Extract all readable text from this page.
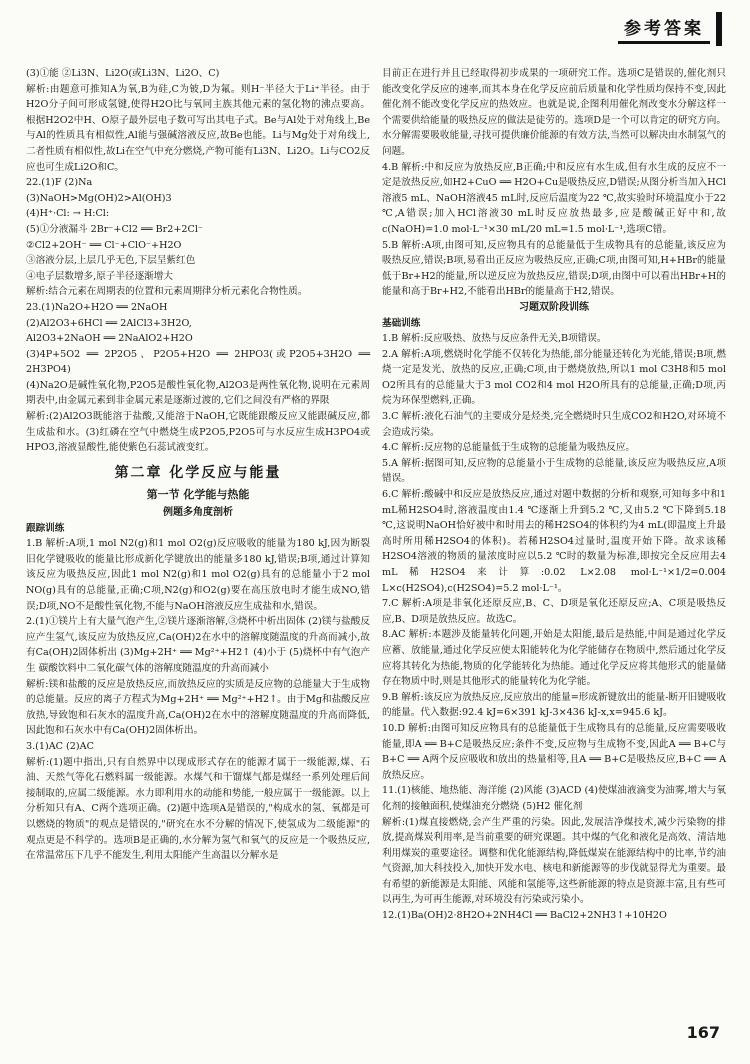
参考答案

(3)①能 ②Li3N、Li2O(或Li3N、Li2O、C)

解析:由题意可推知A为氧,B为硅,C为铍,D为氟。则H⁻半径大于Li⁺半径。由于H2O分子间可形成氢键,使得H2O比与氧同主族其他元素的氢化物的沸点要高。根据H2O2中H、O原子最外层电子数可写出其电子式。Be与Al处于对角线上,Be与Al的性质具有相似性,Al能与强碱溶液反应,故Be也能。Li与Mg处于对角线上,二者性质有相似性,故Li在空气中充分燃烧,产物可能有Li3N、Li2O。Li与CO2反应也可生成Li2O和C。

22.(1)F (2)Na

(3)NaOH>Mg(OH)2>Al(OH)3

(4)H⁺·Cl: → H:Cl:

(5)①分液漏斗 2Br⁻+Cl2 ══ Br2+2Cl⁻

②Cl2+2OH⁻ ══ Cl⁻+ClO⁻+H2O

③溶液分层,上层几乎无色,下层呈紫红色

④电子层数增多,原子半径逐渐增大

解析:结合元素在周期表的位置和元素周期律分析元素化合物性质。

23.(1)Na2O+H2O ══ 2NaOH

(2)Al2O3+6HCl ══ 2AlCl3+3H2O,

Al2O3+2NaOH ══ 2NaAlO2+H2O

(3)4P+5O2 ══ 2P2O5、P2O5+H2O ══ 2HPO3(或P2O5+3H2O ══ 2H3PO4)

(4)Na2O是碱性氧化物,P2O5是酸性氧化物,Al2O3是两性氧化物,说明在元素周期表中,由金属元素到非金属元素是逐渐过渡的,它们之间没有严格的界限

解析:(2)Al2O3既能溶于盐酸,又能溶于NaOH,它既能跟酸反应又能跟碱反应,都生成盐和水。(3)红磷在空气中燃烧生成P2O5,P2O5可与水反应生成H3PO4或HPO3,溶液显酸性,能使紫色石蕊试液变红。

第二章 化学反应与能量

第一节 化学能与热能

例题多角度剖析

跟踪训练

1.B 解析:A项,1 mol N2(g)和1 mol O2(g)反应吸收的能量为180 kJ,因为断裂旧化学键吸收的能量比形成新化学键放出的能量多180 kJ,错误;B项,通过计算知该反应为吸热反应,因此1 mol N2(g)和1 mol O2(g)具有的总能量小于2 mol NO(g)具有的总能量,正确;C项,N2(g)和O2(g)要在高压放电时才能生成NO,错误;D项,NO不是酸性氧化物,不能与NaOH溶液反应生成盐和水,错误。

2.(1)①镁片上有大量气泡产生,②镁片逐渐溶解,③烧杯中析出固体 (2)镁与盐酸反应产生氢气,该反应为放热反应,Ca(OH)2在水中的溶解度随温度的升高而减小,故有Ca(OH)2固体析出 (3)Mg+2H⁺ ══ Mg²⁺+H2↑ (4)小于 (5)烧杯中有气泡产生 碳酸饮料中二氧化碳气体的溶解度随温度的升高而减小

解析:镁和盐酸的反应是放热反应,而放热反应的实质是反应物的总能量大于生成物的总能量。反应的离子方程式为Mg+2H⁺ ══ Mg²⁺+H2↑。由于Mg和盐酸反应放热,导致饱和石灰水的温度升高,Ca(OH)2在水中的溶解度随温度的升高而降低,因此饱和石灰水中有Ca(OH)2固体析出。

3.(1)AC (2)AC

解析:(1)题中指出,只有自然界中以现成形式存在的能源才属于一级能源,煤、石油、天然气等化石燃料属一级能源。水煤气和干馏煤气都是煤经一系列处理后间接制取的,应属二级能源。水力即利用水的动能和势能,一般应属于一级能源。以上分析知只有A、C两个选项正确。(2)题中选项A是错误的,"构成水的氢、氧都是可以燃烧的物质"的观点是错误的,"研究在水不分解的情况下,使氢成为二级能源"的观点更是不科学的。选项B是正确的,水分解为氢气和氧气的反应是一个吸热反应,在常温常压下几乎不能发生,利用太阳能产生高温以分解水是

目前正在进行并且已经取得初步成果的一项研究工作。选项C是错误的,催化剂只能改变化学反应的速率,而其本身在化学反应前后质量和化学性质均保持不变,因此催化剂不能改变化学反应的热效应。也就是说,企图利用催化剂改变水分解这样一个需要供给能量的吸热反应的做法是徒劳的。选项D是一个可以肯定的研究方向。水分解需要吸收能量,寻找可提供廉价能源的有效方法,当然可以解决由水制氢气的问题。

4.B 解析:中和反应为放热反应,B正确;中和反应有水生成,但有水生成的反应不一定是放热反应,如H2+CuO ══ H2O+Cu是吸热反应,D错误;从图分析当加入HCl溶液5 mL、NaOH溶液45 mL时,反应后温度为22 ℃,故实验时环境温度小于22 ℃,A错误;加入HCl溶液30 mL时反应放热最多,应是酸碱正好中和,故c(NaOH)=1.0 mol·L⁻¹×30 mL/20 mL=1.5 mol·L⁻¹,选项C错。

5.B 解析:A项,由图可知,反应物具有的总能量低于生成物具有的总能量,该反应为吸热反应,错误;B项,易看出正反应为吸热反应,正确;C项,由图可知,H+HBr的能量低于Br+H2的能量,所以逆反应为放热反应,错误;D项,由图中可以看出HBr+H的能量和高于Br+H2,不能看出HBr的能量高于H2,错误。

习题双阶段训练

基础训练

1.B 解析:反应吸热、放热与反应条件无关,B项错误。

2.A 解析:A项,燃烧时化学能不仅转化为热能,部分能量还转化为光能,错误;B项,燃烧一定是发光、放热的反应,正确;C项,由于燃烧放热,所以1 mol C3H8和5 mol O2所具有的总能量大于3 mol CO2和4 mol H2O所具有的总能量,正确;D项,丙烷为环保型燃料,正确。

3.C 解析:液化石油气的主要成分是烃类,完全燃烧时只生成CO2和H2O,对环境不会造成污染。

4.C 解析:反应物的总能量低于生成物的总能量为吸热反应。

5.A 解析:据图可知,反应物的总能量小于生成物的总能量,该反应为吸热反应,A项错误。

6.C 解析:酸碱中和反应是放热反应,通过对题中数据的分析和观察,可知每多中和1 mL稀H2SO4时,溶液温度由1.4 ℃逐渐上升到5.2 ℃,又由5.2 ℃下降到5.18 ℃,这说明NaOH恰好被中和时用去的稀H2SO4的体积约为4 mL(即温度上升最高时所用稀H2SO4的体积)。若稀H2SO4过量时,温度开始下降。故求该稀H2SO4溶液的物质的量浓度时应以5.2 ℃时的数量为标准,即按完全反应用去4 mL稀H2SO4来计算:0.02 L×2.08 mol·L⁻¹×1/2=0.004 L×c(H2SO4),c(H2SO4)=5.2 mol·L⁻¹。

7.C 解析:A项是非氧化还原反应,B、C、D项是氧化还原反应;A、C项是吸热反应,B、D项是放热反应。故选C。

8.AC 解析:本题涉及能量转化问题,开始是太阳能,最后是热能,中间是通过化学反应蓄、放能量,通过化学反应使太阳能转化为化学能储存在物质中,然后通过化学反应将其转化为热能,物质的化学能转化为热能。通过化学反应将其他形式的能量储存在物质中时,则是其他形式的能量转化为化学能。

9.B 解析:该反应为放热反应,反应放出的能量=形成新键放出的能量-断开旧键吸收的能量。代入数据:92.4 kJ=6×391 kJ-3×436 kJ-x,x=945.6 kJ。

10.D 解析:由图可知反应物具有的总能量低于生成物具有的总能量,反应需要吸收能量,即A ══ B+C是吸热反应;条件不变,反应物与生成物不变,因此A ══ B+C与B+C ══ A两个反应吸收和放出的热量相等,且A ══ B+C是吸热反应,B+C ══ A放热反应。

11.(1)核能、地热能、海洋能 (2)风能 (3)ACD (4)使煤油液滴变为油雾,增大与氧化剂的接触面积,使煤油充分燃烧 (5)H2 催化剂

解析:(1)煤直接燃烧,会产生严重的污染。因此,发展洁净煤技术,减少污染物的排放,提高煤炭利用率,是当前重要的研究课题。其中煤的气化和液化是高效、清洁地利用煤炭的重要途径。调整和优化能源结构,降低煤炭在能源结构中的比率,节约油气资源,加大科技投入,加快开发水电、核电和新能源等的步伐就显得尤为重要。最有希望的新能源是太阳能、风能和氢能等,这些新能源的特点是资源丰富,且有些可以再生,为可再生能源,对环境没有污染或污染小。

12.(1)Ba(OH)2·8H2O+2NH4Cl ══ BaCl2+2NH3↑+10H2O

167
